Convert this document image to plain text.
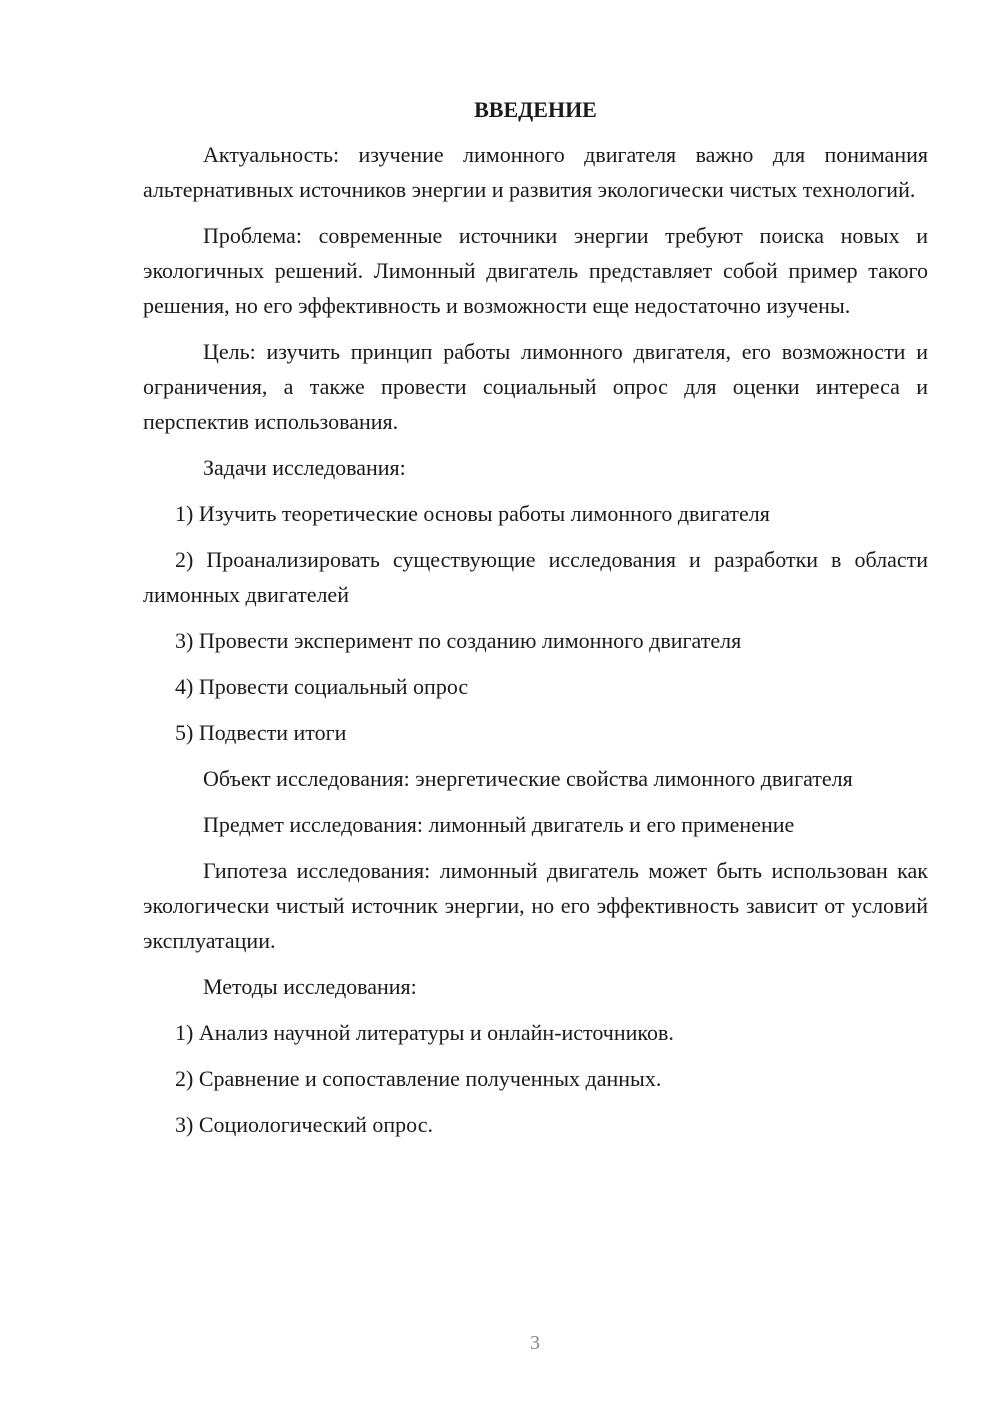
ВВЕДЕНИЕ

Актуальность: изучение лимонного двигателя важно для понимания альтернативных источников энергии и развития экологически чистых технологий.

Проблема: современные источники энергии требуют поиска новых и экологичных решений. Лимонный двигатель представляет собой пример такого решения, но его эффективность и возможности еще недостаточно изучены.

Цель: изучить принцип работы лимонного двигателя, его возможности и ограничения, а также провести социальный опрос для оценки интереса и перспектив использования.

Задачи исследования:

1) Изучить теоретические основы работы лимонного двигателя

2) Проанализировать существующие исследования и разработки в области лимонных двигателей

3) Провести эксперимент по созданию лимонного двигателя

4) Провести социальный опрос

5) Подвести итоги

Объект исследования: энергетические свойства лимонного двигателя

Предмет исследования: лимонный двигатель и его применение

Гипотеза исследования: лимонный двигатель может быть использован как экологически чистый источник энергии, но его эффективность зависит от условий эксплуатации.

Методы исследования:

1) Анализ научной литературы и онлайн-источников.

2) Сравнение и сопоставление полученных данных.

3) Социологический опрос.

3
